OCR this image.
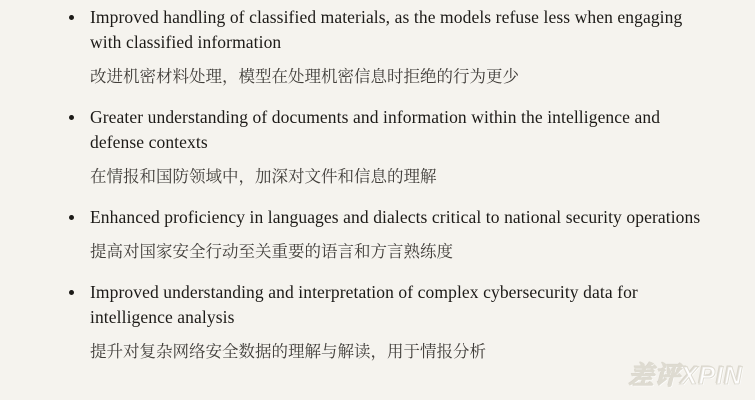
Improved handling of classified materials, as the models refuse less when engaging with classified information

改进机密材料处理，模型在处理机密信息时拒绝的行为更少

Greater understanding of documents and information within the intelligence and defense contexts

在情报和国防领域中，加深对文件和信息的理解

Enhanced proficiency in languages and dialects critical to national security operations

提高对国家安全行动至关重要的语言和方言熟练度

Improved understanding and interpretation of complex cybersecurity data for intelligence analysis

提升对复杂网络安全数据的理解与解读，用于情报分析

差评XPIN
